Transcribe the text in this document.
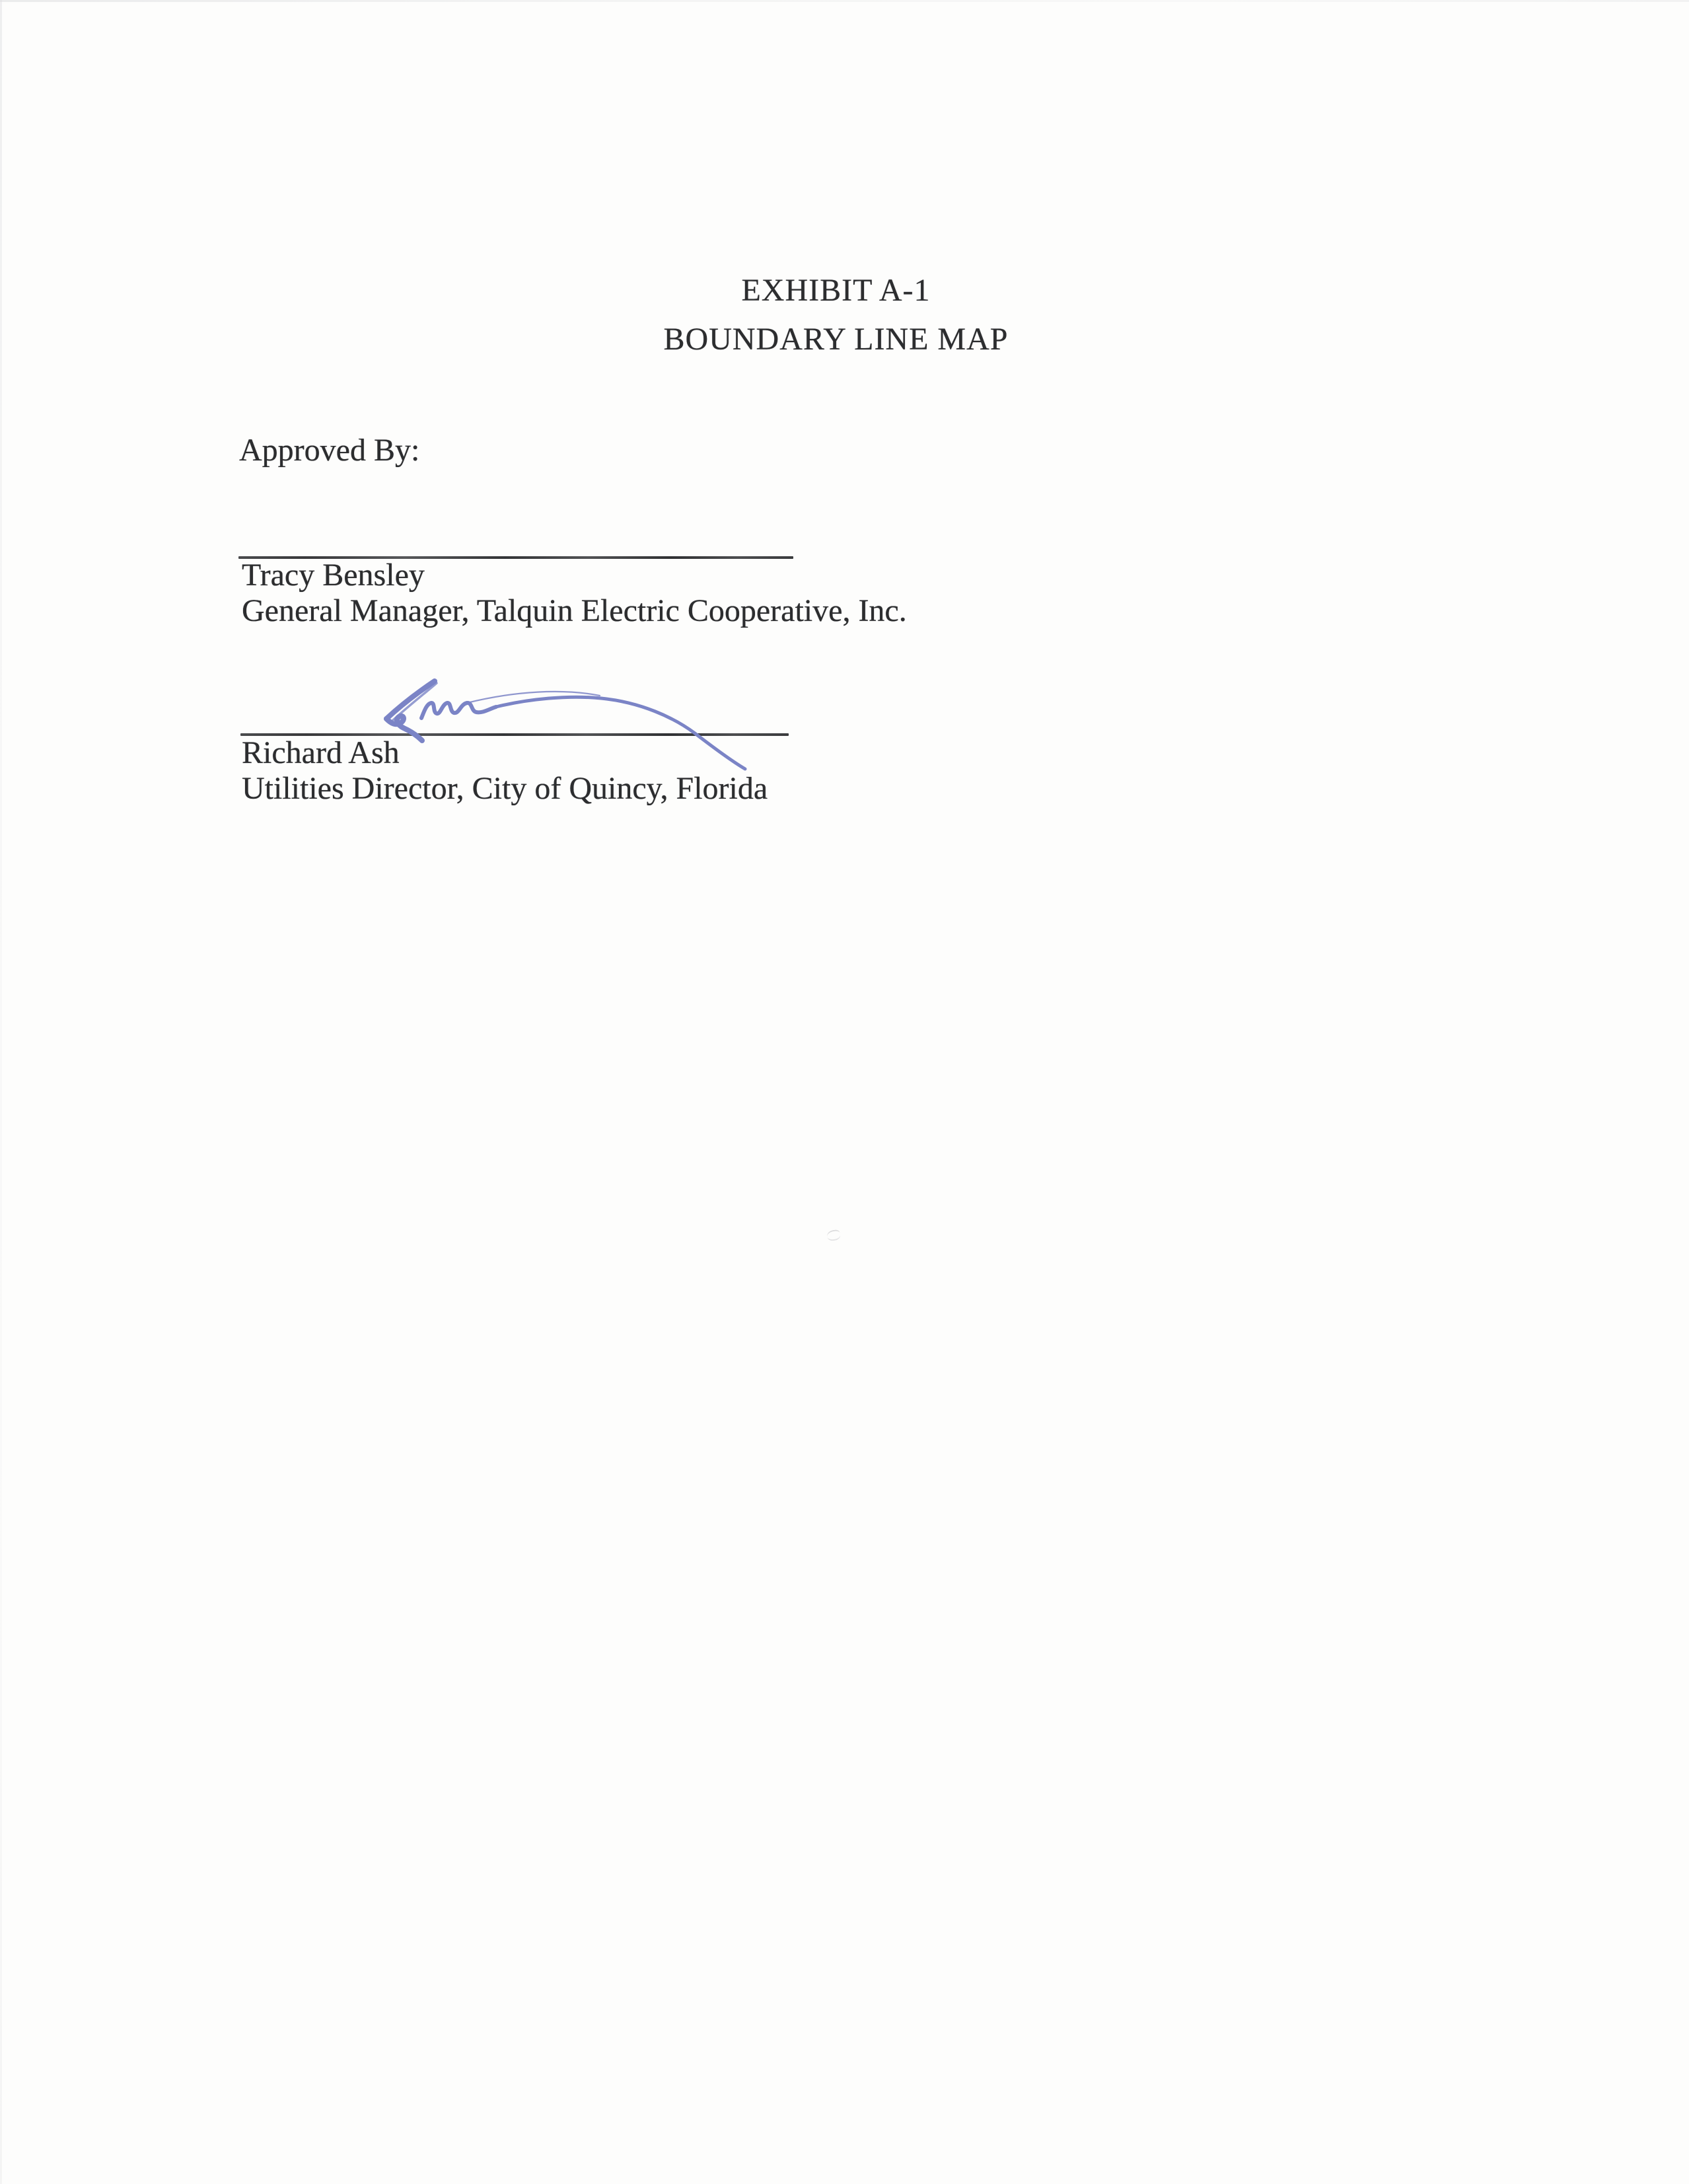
EXHIBIT A-1
BOUNDARY LINE MAP
Approved By:
Tracy Bensley
General Manager, Talquin Electric Cooperative, Inc.
Richard Ash
Utilities Director, City of Quincy, Florida
